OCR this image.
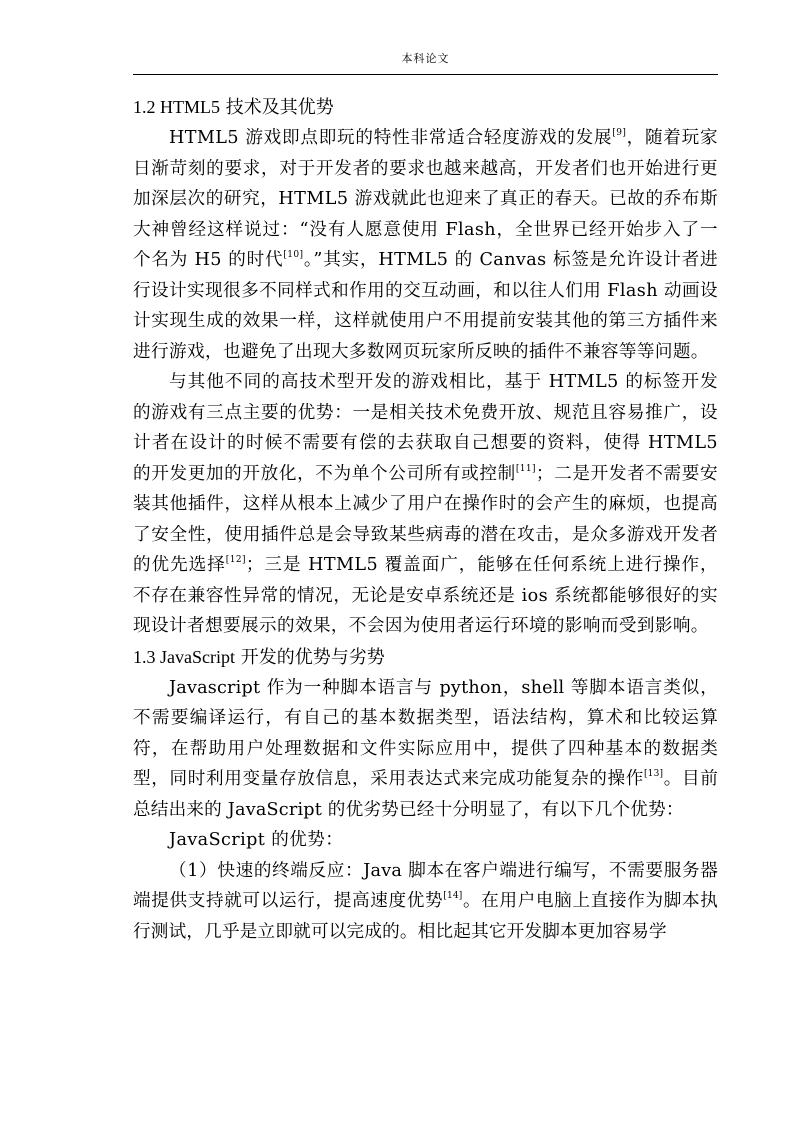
本科论文
1.2 HTML5 技术及其优势

HTML5 游戏即点即玩的特性非常适合轻度游戏的发展[9]，随着玩家日渐苛刻的要求，对于开发者的要求也越来越高，开发者们也开始进行更加深层次的研究，HTML5 游戏就此也迎来了真正的春天。已故的乔布斯大神曾经这样说过：“没有人愿意使用 Flash，全世界已经开始步入了一个名为 H5 的时代[10]。”其实，HTML5 的 Canvas 标签是允许设计者进行设计实现很多不同样式和作用的交互动画，和以往人们用 Flash 动画设计实现生成的效果一样，这样就使用户不用提前安装其他的第三方插件来进行游戏，也避免了出现大多数网页玩家所反映的插件不兼容等等问题。

与其他不同的高技术型开发的游戏相比，基于 HTML5 的标签开发的游戏有三点主要的优势：一是相关技术免费开放、规范且容易推广，设计者在设计的时候不需要有偿的去获取自己想要的资料，使得 HTML5 的开发更加的开放化，不为单个公司所有或控制[11]；二是开发者不需要安装其他插件，这样从根本上减少了用户在操作时的会产生的麻烦，也提高了安全性，使用插件总是会导致某些病毒的潜在攻击，是众多游戏开发者的优先选择[12]；三是 HTML5 覆盖面广，能够在任何系统上进行操作，不存在兼容性异常的情况，无论是安卓系统还是 ios 系统都能够很好的实现设计者想要展示的效果，不会因为使用者运行环境的影响而受到影响。

1.3 JavaScript 开发的优势与劣势

Javascript 作为一种脚本语言与 python，shell 等脚本语言类似，不需要编译运行，有自己的基本数据类型，语法结构，算术和比较运算符，在帮助用户处理数据和文件实际应用中，提供了四种基本的数据类型，同时利用变量存放信息，采用表达式来完成功能复杂的操作[13]。目前总结出来的 JavaScript 的优劣势已经十分明显了，有以下几个优势：

JavaScript 的优势：

（1）快速的终端反应：Java 脚本在客户端进行编写，不需要服务器端提供支持就可以运行，提高速度优势[14]。在用户电脑上直接作为脚本执行测试，几乎是立即就可以完成的。相比起其它开发脚本更加容易学
